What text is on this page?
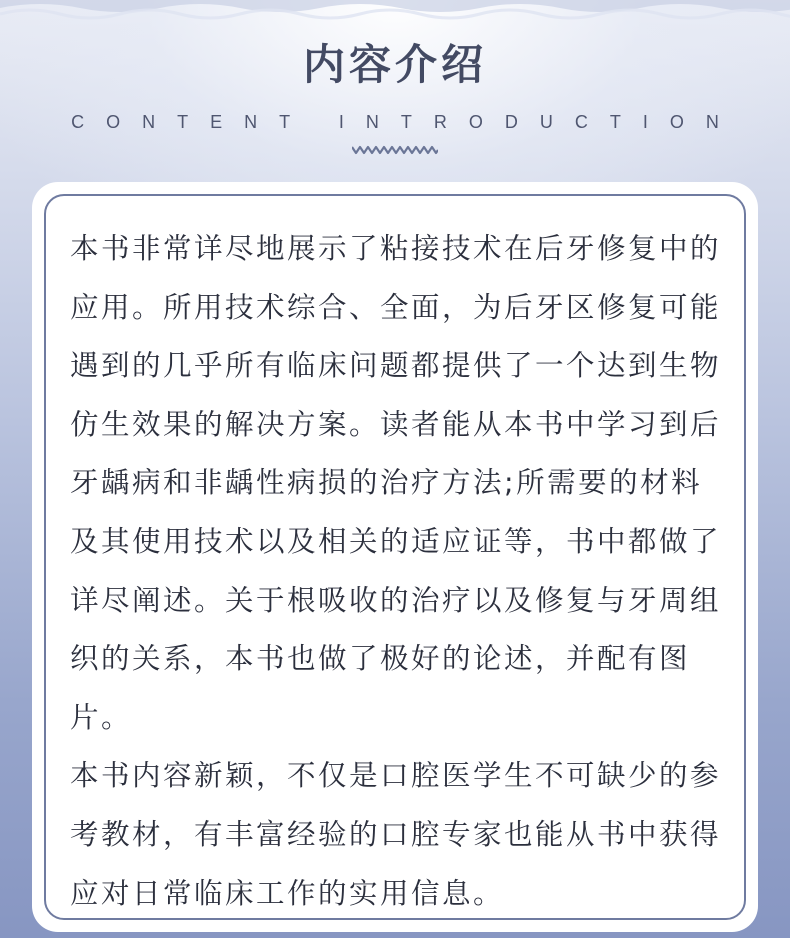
内容介绍
CONTENT INTRODUCTION

本书非常详尽地展示了粘接技术在后牙修复中的应用。所用技术综合、全面，为后牙区修复可能遇到的几乎所有临床问题都提供了一个达到生物仿生效果的解决方案。读者能从本书中学习到后牙龋病和非龋性病损的治疗方法;所需要的材料及其使用技术以及相关的适应证等，书中都做了详尽阐述。关于根吸收的治疗以及修复与牙周组织的关系，本书也做了极好的论述，并配有图片。

本书内容新颖，不仅是口腔医学生不可缺少的参考教材，有丰富经验的口腔专家也能从书中获得应对日常临床工作的实用信息。
